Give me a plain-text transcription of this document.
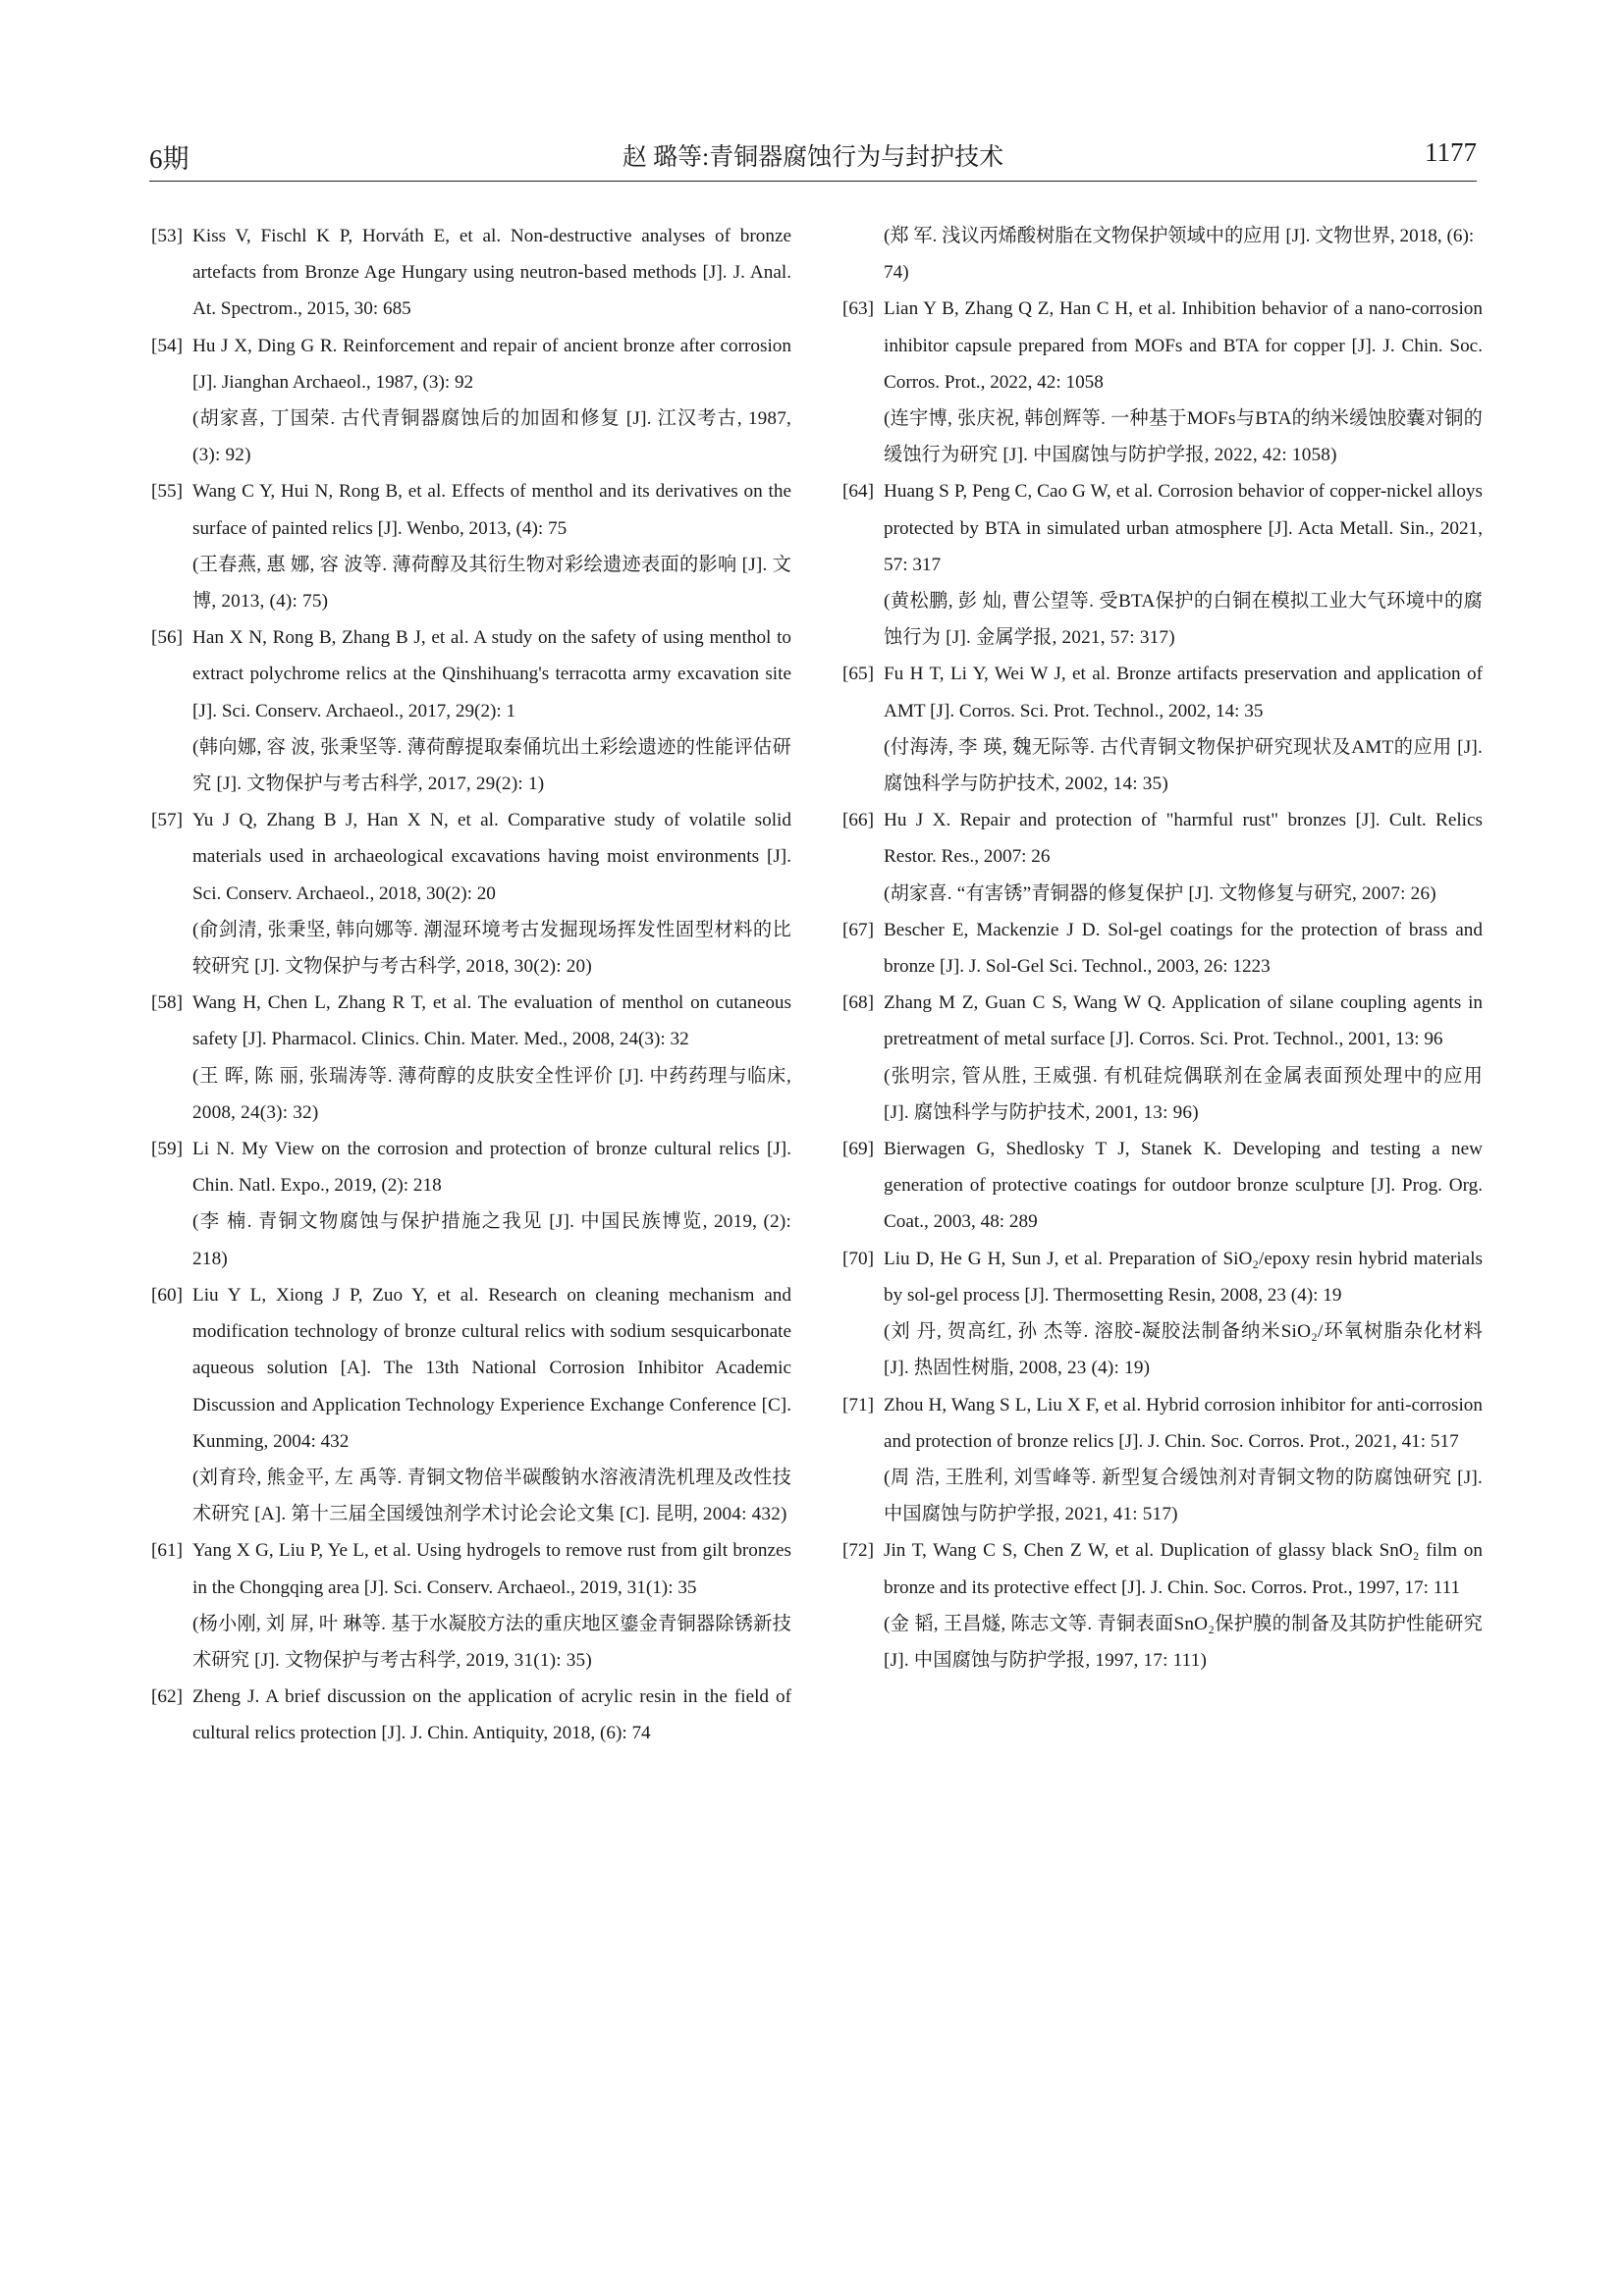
6期	赵 璐等:青铜器腐蚀行为与封护技术	1177
[53] Kiss V, Fischl K P, Horváth E, et al. Non-destructive analyses of bronze artefacts from Bronze Age Hungary using neutron-based methods [J]. J. Anal. At. Spectrom., 2015, 30: 685
[54] Hu J X, Ding G R. Reinforcement and repair of ancient bronze after corrosion [J]. Jianghan Archaeol., 1987, (3): 92
(胡家喜, 丁国荣. 古代青铜器腐蚀后的加固和修复 [J]. 江汉考古, 1987, (3): 92)
[55] Wang C Y, Hui N, Rong B, et al. Effects of menthol and its derivatives on the surface of painted relics [J]. Wenbo, 2013, (4): 75
(王春燕, 惠 娜, 容 波等. 薄荷醇及其衍生物对彩绘遗迹表面的影响 [J]. 文博, 2013, (4): 75)
[56] Han X N, Rong B, Zhang B J, et al. A study on the safety of using menthol to extract polychrome relics at the Qinshihuang's terracotta army excavation site [J]. Sci. Conserv. Archaeol., 2017, 29(2): 1
(韩向娜, 容 波, 张秉坚等. 薄荷醇提取秦俑坑出土彩绘遗迹的性能评估研究 [J]. 文物保护与考古科学, 2017, 29(2): 1)
[57] Yu J Q, Zhang B J, Han X N, et al. Comparative study of volatile solid materials used in archaeological excavations having moist environments [J]. Sci. Conserv. Archaeol., 2018, 30(2): 20
(俞剑清, 张秉坚, 韩向娜等. 潮湿环境考古发掘现场挥发性固型材料的比较研究 [J]. 文物保护与考古科学, 2018, 30(2): 20)
[58] Wang H, Chen L, Zhang R T, et al. The evaluation of menthol on cutaneous safety [J]. Pharmacol. Clinics. Chin. Mater. Med., 2008, 24(3): 32
(王 晖, 陈 丽, 张瑞涛等. 薄荷醇的皮肤安全性评价 [J]. 中药药理与临床, 2008, 24(3): 32)
[59] Li N. My View on the corrosion and protection of bronze cultural relics [J]. Chin. Natl. Expo., 2019, (2): 218
(李 楠. 青铜文物腐蚀与保护措施之我见 [J]. 中国民族博览, 2019, (2): 218)
[60] Liu Y L, Xiong J P, Zuo Y, et al. Research on cleaning mechanism and modification technology of bronze cultural relics with sodium sesquicarbonate aqueous solution [A]. The 13th National Corrosion Inhibitor Academic Discussion and Application Technology Experience Exchange Conference [C]. Kunming, 2004: 432
(刘育玲, 熊金平, 左 禹等. 青铜文物倍半碳酸钠水溶液清洗机理及改性技术研究 [A]. 第十三届全国缓蚀剂学术讨论会论文集 [C]. 昆明, 2004: 432)
[61] Yang X G, Liu P, Ye L, et al. Using hydrogels to remove rust from gilt bronzes in the Chongqing area [J]. Sci. Conserv. Archaeol., 2019, 31(1): 35
(杨小刚, 刘 屏, 叶 琳等. 基于水凝胶方法的重庆地区鎏金青铜器除锈新技术研究 [J]. 文物保护与考古科学, 2019, 31(1): 35)
[62] Zheng J. A brief discussion on the application of acrylic resin in the field of cultural relics protection [J]. J. Chin. Antiquity, 2018, (6): 74
(郑 军. 浅议丙烯酸树脂在文物保护领域中的应用 [J]. 文物世界, 2018, (6): 74)
[63] Lian Y B, Zhang Q Z, Han C H, et al. Inhibition behavior of a nano-corrosion inhibitor capsule prepared from MOFs and BTA for copper [J]. J. Chin. Soc. Corros. Prot., 2022, 42: 1058
(连宇博, 张庆祝, 韩创辉等. 一种基于MOFs与BTA的纳米缓蚀胶囊对铜的缓蚀行为研究 [J]. 中国腐蚀与防护学报, 2022, 42: 1058)
[64] Huang S P, Peng C, Cao G W, et al. Corrosion behavior of copper-nickel alloys protected by BTA in simulated urban atmosphere [J]. Acta Metall. Sin., 2021, 57: 317
(黄松鹏, 彭 灿, 曹公望等. 受BTA保护的白铜在模拟工业大气环境中的腐蚀行为 [J]. 金属学报, 2021, 57: 317)
[65] Fu H T, Li Y, Wei W J, et al. Bronze artifacts preservation and application of AMT [J]. Corros. Sci. Prot. Technol., 2002, 14: 35
(付海涛, 李 瑛, 魏无际等. 古代青铜文物保护研究现状及AMT的应用 [J]. 腐蚀科学与防护技术, 2002, 14: 35)
[66] Hu J X. Repair and protection of "harmful rust" bronzes [J]. Cult. Relics Restor. Res., 2007: 26
(胡家喜. “有害锈”青铜器的修复保护 [J]. 文物修复与研究, 2007: 26)
[67] Bescher E, Mackenzie J D. Sol-gel coatings for the protection of brass and bronze [J]. J. Sol-Gel Sci. Technol., 2003, 26: 1223
[68] Zhang M Z, Guan C S, Wang W Q. Application of silane coupling agents in pretreatment of metal surface [J]. Corros. Sci. Prot. Technol., 2001, 13: 96
(张明宗, 管从胜, 王威强. 有机硅烷偶联剂在金属表面预处理中的应用 [J]. 腐蚀科学与防护技术, 2001, 13: 96)
[69] Bierwagen G, Shedlosky T J, Stanek K. Developing and testing a new generation of protective coatings for outdoor bronze sculpture [J]. Prog. Org. Coat., 2003, 48: 289
[70] Liu D, He G H, Sun J, et al. Preparation of SiO₂/epoxy resin hybrid materials by sol-gel process [J]. Thermosetting Resin, 2008, 23 (4): 19
(刘 丹, 贺高红, 孙 杰等. 溶胶-凝胶法制备纳米SiO₂/环氧树脂杂化材料 [J]. 热固性树脂, 2008, 23 (4): 19)
[71] Zhou H, Wang S L, Liu X F, et al. Hybrid corrosion inhibitor for anti-corrosion and protection of bronze relics [J]. J. Chin. Soc. Corros. Prot., 2021, 41: 517
(周 浩, 王胜利, 刘雪峰等. 新型复合缓蚀剂对青铜文物的防腐蚀研究 [J]. 中国腐蚀与防护学报, 2021, 41: 517)
[72] Jin T, Wang C S, Chen Z W, et al. Duplication of glassy black SnO₂ film on bronze and its protective effect [J]. J. Chin. Soc. Corros. Prot., 1997, 17: 111
(金 韬, 王昌燧, 陈志文等. 青铜表面SnO₂保护膜的制备及其防护性能研究 [J]. 中国腐蚀与防护学报, 1997, 17: 111)
